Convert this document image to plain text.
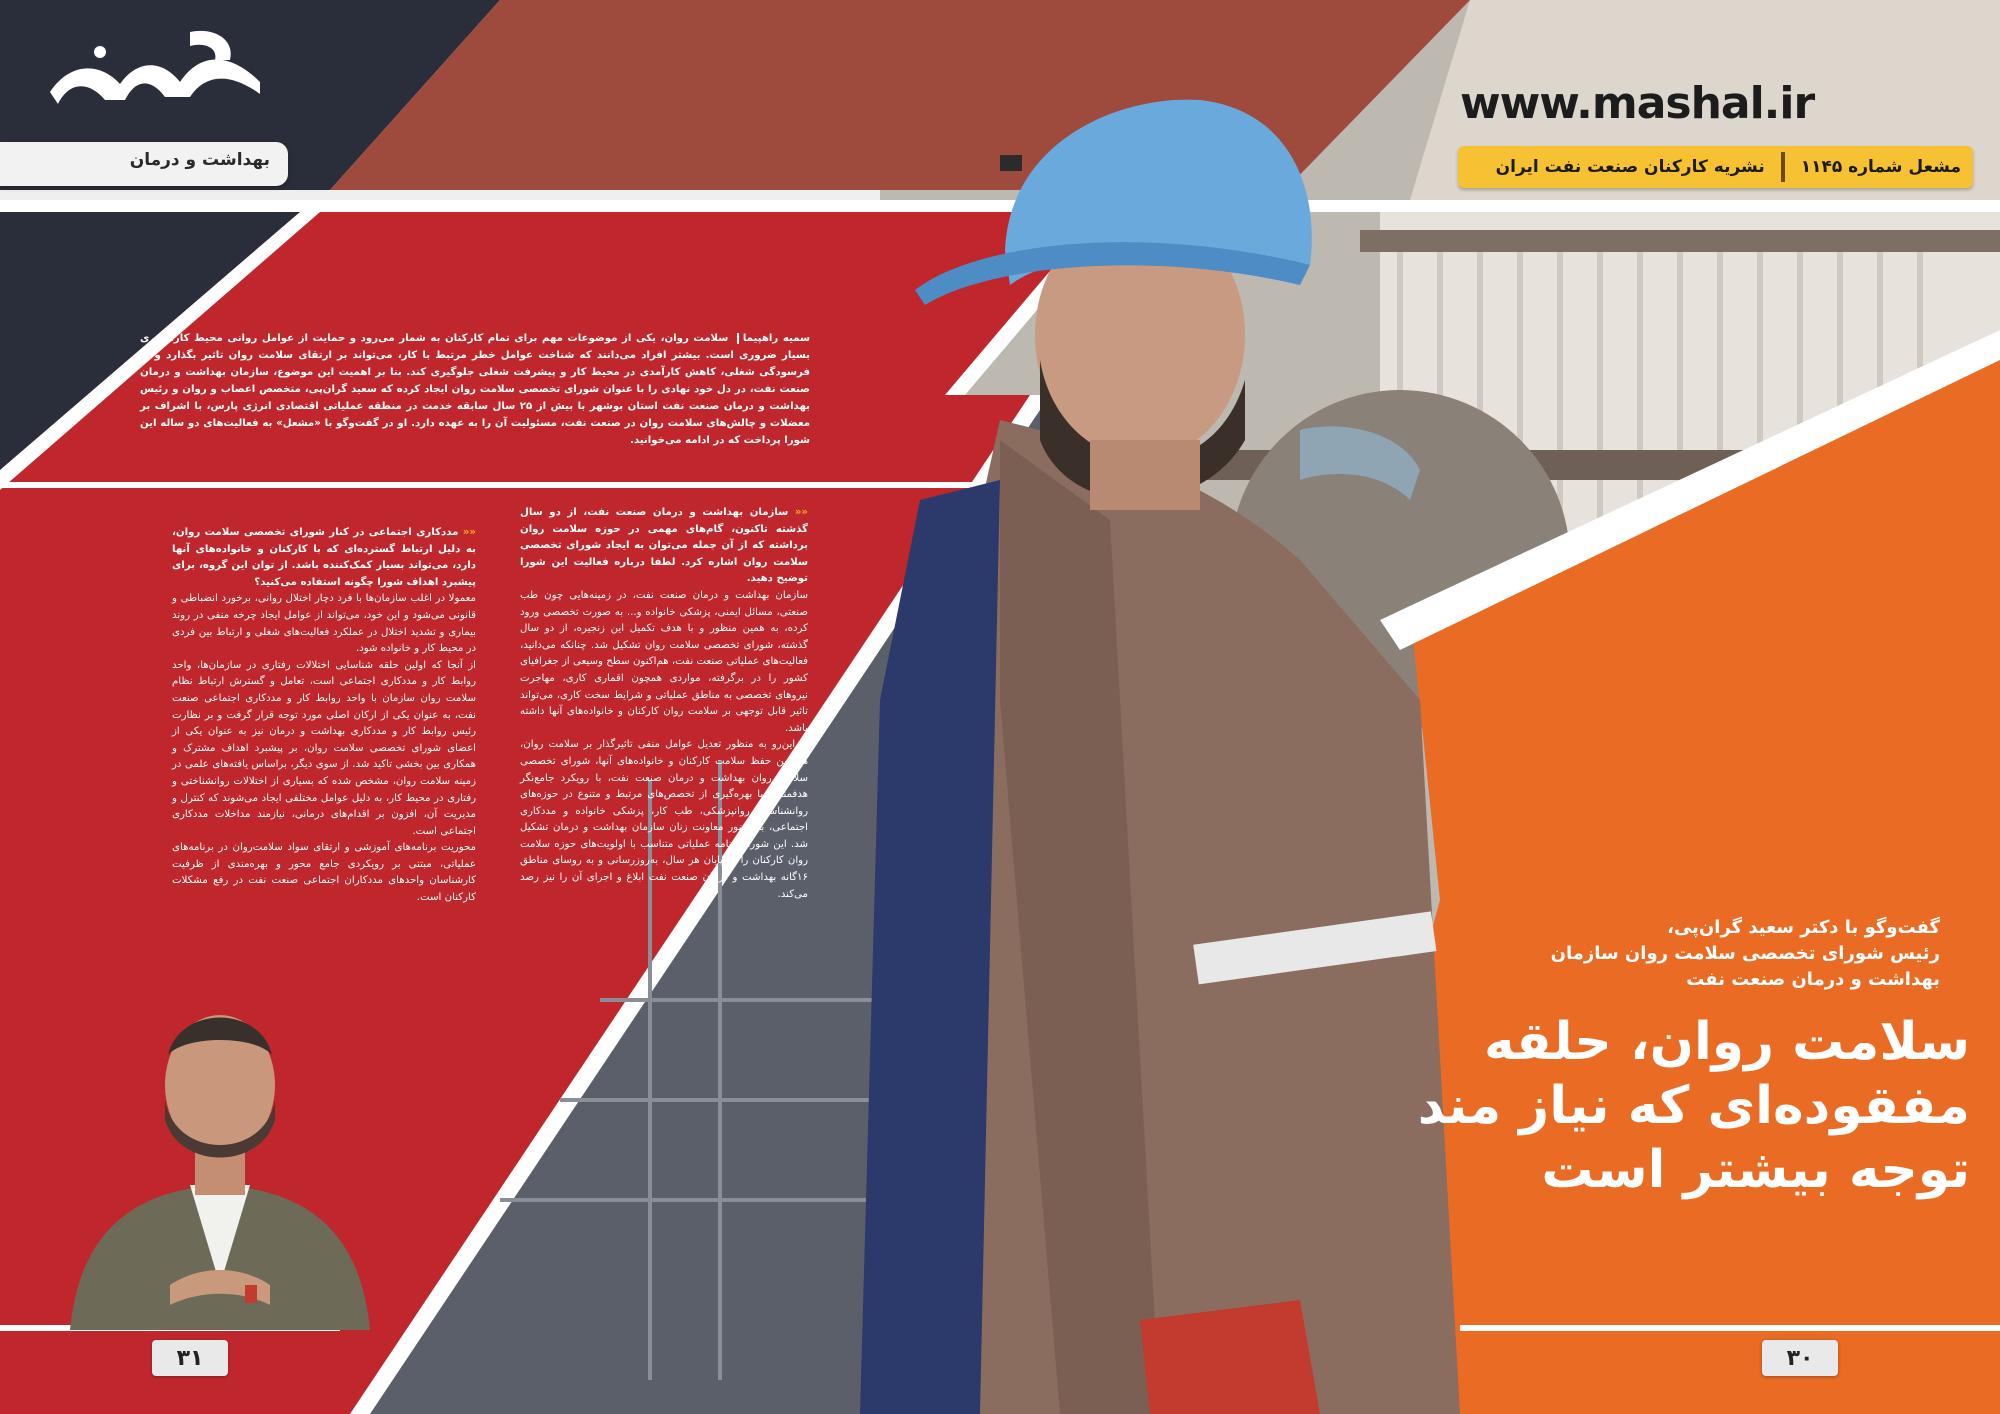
بهداشت و درمان
www.mashal.ir
مشعل شماره ۱۱۴۵
نشریه کارکنان صنعت نفت ایران
سمیه راهپیما سلامت روان، یکی از موضوعات مهم برای تمام کارکنان به شمار می‌رود و حمایت از عوامل روانی محیط کار، امری بسیار ضروری است. بیشتر افراد می‌دانند که شناخت عوامل خطر مرتبط با کار، می‌تواند بر ارتقای سلامت روان تاثیر بگذارد و از فرسودگی شغلی، کاهش کارآمدی در محیط کار و پیشرفت شغلی جلوگیری کند. بنا بر اهمیت این موضوع، سازمان بهداشت و درمان صنعت نفت، در دل خود نهادی را با عنوان شورای تخصصی سلامت روان ایجاد کرده که سعید گران‌پی، متخصص اعصاب و روان و رئیس بهداشت و درمان صنعت نفت استان بوشهر با بیش از ۲۵ سال سابقه خدمت در منطقه عملیاتی اقتصادی انرژی پارس، با اشراف بر معضلات و چالش‌های سلامت روان در صنعت نفت، مسئولیت آن را به عهده دارد. او در گفت‌وگو با «مشعل» به فعالیت‌های دو ساله این شورا پرداخت که در ادامه می‌خوانید.

«« سازمان بهداشت و درمان صنعت نفت، از دو سال گذشته تاکنون، گام‌های مهمی در حوزه سلامت روان برداشته که از آن جمله می‌توان به ایجاد شورای تخصصی سلامت روان اشاره کرد. لطفا درباره فعالیت این شورا توضیح دهید.

سازمان بهداشت و درمان صنعت نفت، در زمینه‌هایی چون طب صنعتی، مسائل ایمنی، پزشکی خانواده و... به صورت تخصصی ورود کرده، به همین منظور و با هدف تکمیل این زنجیره، از دو سال گذشته، شورای تخصصی سلامت روان تشکیل شد. چنانکه می‌دانید، فعالیت‌های عملیاتی صنعت نفت، هم‌اکنون سطح وسیعی از جغرافیای کشور را در برگرفته، مواردی همچون اقماری کاری، مهاجرت نیروهای تخصصی به مناطق عملیاتی و شرایط سخت کاری، می‌تواند تاثیر قابل توجهی بر سلامت روان کارکنان و خانواده‌های آنها داشته باشد.

از این‌رو به منظور تعدیل عوامل منفی تاثیرگذار بر سلامت روان، همچنین حفظ سلامت کارکنان و خانواده‌های آنها، شورای تخصصی سلامت روان بهداشت و درمان صنعت نفت، با رویکرد جامع‌نگر هدفمند و با بهره‌گیری از تخصص‌های مرتبط و متنوع در حوزه‌های روانشناسی، روانپزشکی، طب کار، پزشکی خانواده و مددکاری اجتماعی، با حضور معاونت زنان سازمان بهداشت و درمان تشکیل شد. این شورا، برنامه عملیاتی متناسب با اولویت‌های حوزه سلامت روان کارکنان را در پایان هر سال، به‌روزرسانی و به روسای مناطق ۱۶گانه بهداشت و درمان صنعت نفت ابلاغ و اجرای آن را نیز رصد می‌کند.

«« مددکاری اجتماعی در کنار شورای تخصصی سلامت روان، به دلیل ارتباط گسترده‌ای که با کارکنان و خانواده‌های آنها دارد، می‌تواند بسیار کمک‌کننده باشد. از توان این گروه، برای پیشبرد اهداف شورا چگونه استفاده می‌کنید؟

معمولا در اغلب سازمان‌ها با فرد دچار اختلال روانی، برخورد انضباطی و قانونی می‌شود و این خود، می‌تواند از عوامل ایجاد چرخه منفی در روند بیماری و تشدید اختلال در عملکرد فعالیت‌های شغلی و ارتباط بین فردی در محیط کار و خانواده شود.

از آنجا که اولین حلقه شناسایی اختلالات رفتاری در سازمان‌ها، واحد روابط کار و مددکاری اجتماعی است، تعامل و گسترش ارتباط نظام سلامت روان سازمان با واحد روابط کار و مددکاری اجتماعی صنعت نفت، به عنوان یکی از ارکان اصلی مورد توجه قرار گرفت و بر نظارت رئیس روابط کار و مددکاری بهداشت و درمان نیز به عنوان یکی از اعضای شورای تخصصی سلامت روان، بر پیشبرد اهداف مشترک و همکاری بین بخشی تاکید شد. از سوی دیگر، براساس یافته‌های علمی در زمینه سلامت روان، مشخص شده که بسیاری از اختلالات روانشناختی و رفتاری در محیط کار، به دلیل عوامل مختلفی ایجاد می‌شوند که کنترل و مدیریت آن، افزون بر اقدام‌های درمانی، نیازمند مداخلات مددکاری اجتماعی است.

محوریت برنامه‌های آموزشی و ارتقای سواد سلامت‌روان در برنامه‌های عملیاتی، مبتنی بر رویکردی جامع محور و بهره‌مندی از ظرفیت کارشناسان واحدهای مددکاران اجتماعی صنعت نفت در رفع مشکلات کارکنان است.

گفت‌وگو با دکتر سعید گران‌پی،
رئیس شورای تخصصی سلامت روان سازمان
بهداشت و درمان صنعت نفت
سلامت روان، حلقه
مفقوده‌ای که نیاز مند
توجه بیشتر است
۳۱	۳۰
